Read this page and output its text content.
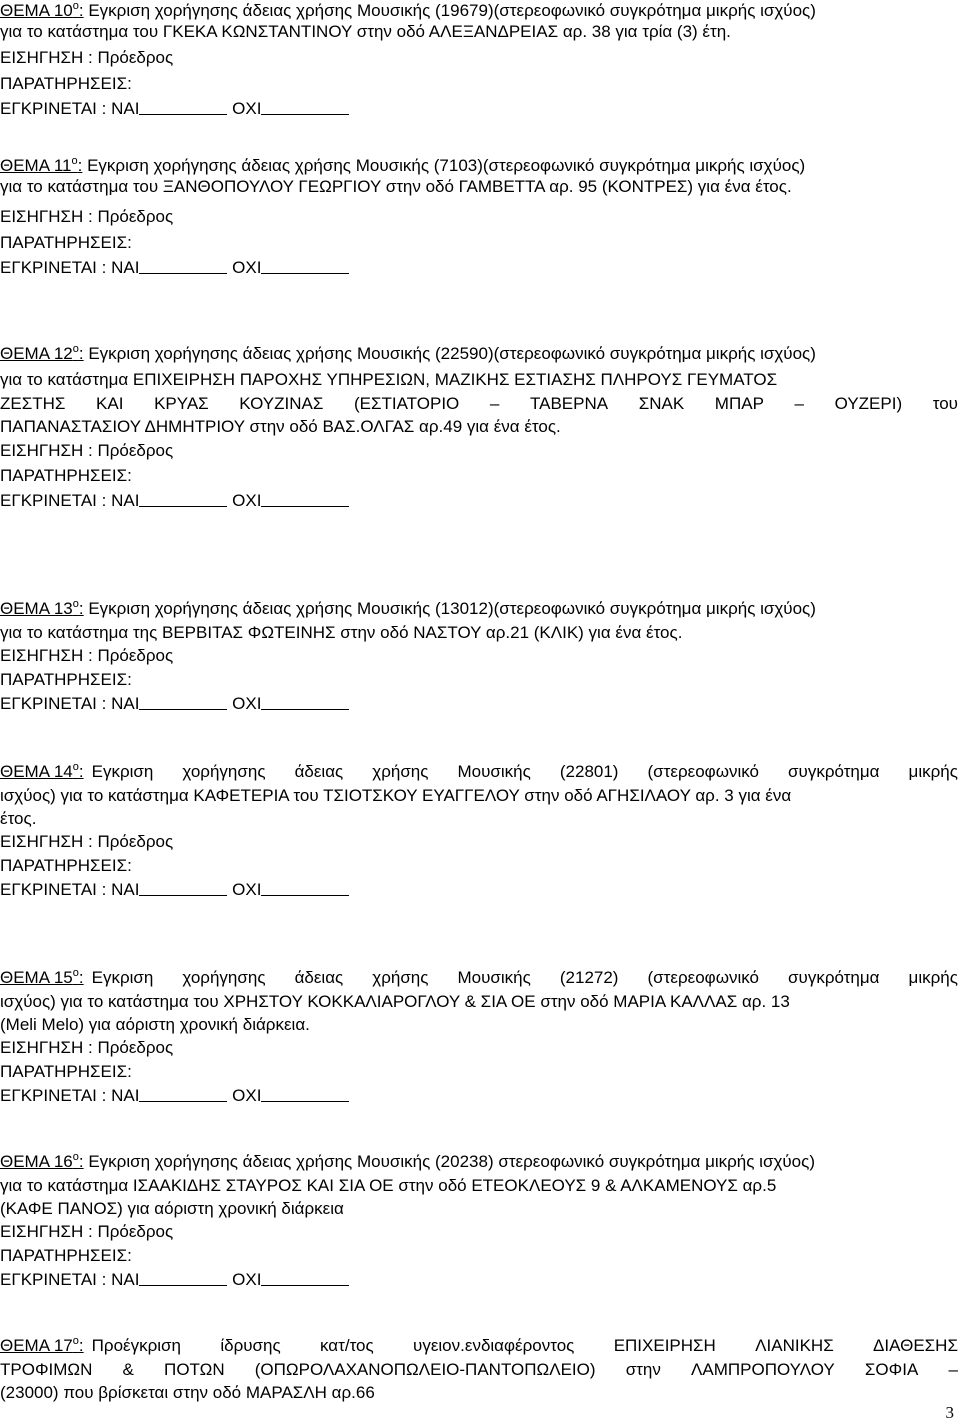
ΘΕΜΑ $10^o$: Εγκριση χορήγησης άδειας χρήσης Μουσικής (19679)(στερεοφωνικό συγκρότημα μικρής ισχύος)
για το κατάστημα του ΓΚΕΚΑ ΚΩΝΣΤΑΝΤΙΝΟΥ στην οδό ΑΛΕΞΑΝΔΡΕΙΑΣ αρ. 38 για τρία (3) έτη.
ΕΙΣΗΓΗΣΗ : Πρόεδρος
ΠΑΡΑΤΗΡΗΣΕΙΣ:
ΕΓΚΡΙΝΕΤΑΙ : ΝΑΙ	ΟΧΙ
ΘΕΜΑ $11^o$: Εγκριση χορήγησης άδειας χρήσης Μουσικής (7103)(στερεοφωνικό συγκρότημα μικρής ισχύος)
για το κατάστημα του ΞΑΝΘΟΠΟΥΛΟΥ ΓΕΩΡΓΙΟΥ στην οδό ΓΑΜΒΕΤΤΑ αρ. 95 (ΚΟΝΤΡΕΣ) για ένα έτος.
ΕΙΣΗΓΗΣΗ : Πρόεδρος
ΠΑΡΑΤΗΡΗΣΕΙΣ:
ΕΓΚΡΙΝΕΤΑΙ : ΝΑΙ	ΟΧΙ
ΘΕΜΑ $12^o$: Εγκριση χορήγησης άδειας χρήσης Μουσικής (22590)(στερεοφωνικό συγκρότημα μικρής ισχύος)
για το κατάστημα ΕΠΙΧΕΙΡΗΣΗ ΠΑΡΟΧΗΣ ΥΠΗΡΕΣΙΩΝ, ΜΑΖΙΚΗΣ ΕΣΤΙΑΣΗΣ ΠΛΗΡΟΥΣ ΓΕΥΜΑΤΟΣ
ΖΕΣΤΗΣ ΚΑΙ ΚΡΥΑΣ ΚΟΥΖΙΝΑΣ (ΕΣΤΙΑΤΟΡΙΟ – ΤΑΒΕΡΝΑ ΣΝΑΚ ΜΠΑΡ – ΟΥΖΕΡΙ) του
ΠΑΠΑΝΑΣΤΑΣΙΟΥ ΔΗΜΗΤΡΙΟΥ στην οδό ΒΑΣ.ΟΛΓΑΣ αρ.49 για ένα έτος.
ΕΙΣΗΓΗΣΗ : Πρόεδρος
ΠΑΡΑΤΗΡΗΣΕΙΣ:
ΕΓΚΡΙΝΕΤΑΙ : ΝΑΙ	ΟΧΙ
ΘΕΜΑ $13^o$: Εγκριση χορήγησης άδειας χρήσης Μουσικής (13012)(στερεοφωνικό συγκρότημα μικρής ισχύος)
για το κατάστημα της ΒΕΡΒΙΤΑΣ ΦΩΤΕΙΝΗΣ στην οδό ΝΑΣΤΟΥ αρ.21 (ΚΛΙΚ) για ένα έτος.
ΕΙΣΗΓΗΣΗ : Πρόεδρος
ΠΑΡΑΤΗΡΗΣΕΙΣ:
ΕΓΚΡΙΝΕΤΑΙ : ΝΑΙ	ΟΧΙ
ΘΕΜΑ $14^o$: Εγκριση χορήγησης άδειας χρήσης Μουσικής (22801) (στερεοφωνικό συγκρότημα μικρής
ισχύος) για το κατάστημα ΚΑΦΕΤΕΡΙΑ του ΤΣΙΟΤΣΚΟΥ ΕΥΑΓΓΕΛΟΥ στην οδό ΑΓΗΣΙΛΑΟΥ αρ. 3 για ένα
έτος.
ΕΙΣΗΓΗΣΗ : Πρόεδρος
ΠΑΡΑΤΗΡΗΣΕΙΣ:
ΕΓΚΡΙΝΕΤΑΙ : ΝΑΙ	ΟΧΙ
ΘΕΜΑ $15^o$: Εγκριση χορήγησης άδειας χρήσης Μουσικής (21272) (στερεοφωνικό συγκρότημα μικρής
ισχύος) για το κατάστημα του ΧΡΗΣΤΟΥ ΚΟΚΚΑΛΙΑΡΟΓΛΟΥ & ΣΙΑ ΟΕ στην οδό ΜΑΡΙΑ ΚΑΛΛΑΣ αρ. 13
(Meli Melo) για αόριστη χρονική διάρκεια.
ΕΙΣΗΓΗΣΗ : Πρόεδρος
ΠΑΡΑΤΗΡΗΣΕΙΣ:
ΕΓΚΡΙΝΕΤΑΙ : ΝΑΙ	ΟΧΙ
ΘΕΜΑ $16^o$: Εγκριση χορήγησης άδειας χρήσης Μουσικής (20238) στερεοφωνικό συγκρότημα μικρής ισχύος)
για το κατάστημα ΙΣΑΑΚΙΔΗΣ ΣΤΑΥΡΟΣ ΚΑΙ ΣΙΑ ΟΕ στην οδό ΕΤΕΟΚΛΕΟΥΣ 9 & ΑΛΚΑΜΕΝΟΥΣ αρ.5
(ΚΑΦΕ ΠΑΝΟΣ) για αόριστη χρονική διάρκεια
ΕΙΣΗΓΗΣΗ : Πρόεδρος
ΠΑΡΑΤΗΡΗΣΕΙΣ:
ΕΓΚΡΙΝΕΤΑΙ : ΝΑΙ	ΟΧΙ
ΘΕΜΑ $17^o$: Προέγκριση ίδρυσης κατ/τος υγειον.ενδιαφέροντος ΕΠΙΧΕΙΡΗΣΗ ΛΙΑΝΙΚΗΣ ΔΙΑΘΕΣΗΣ
ΤΡΟΦΙΜΩΝ & ΠΟΤΩΝ (ΟΠΩΡΟΛΑΧΑΝΟΠΩΛΕΙΟ-ΠΑΝΤΟΠΩΛΕΙΟ) στην ΛΑΜΠΡΟΠΟΥΛΟΥ ΣΟΦΙΑ –
(23000) που βρίσκεται στην οδό ΜΑΡΑΣΛΗ αρ.66
3
